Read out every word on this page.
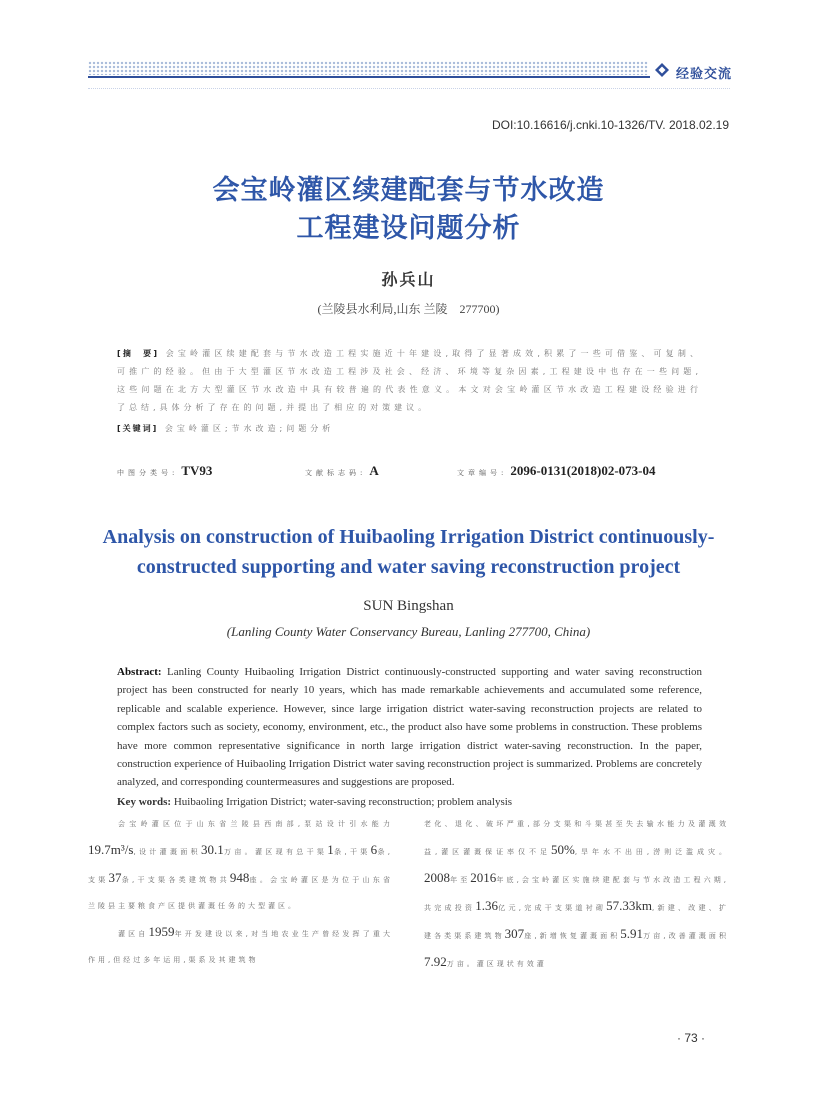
经验交流
DOI:10.16616/j.cnki.10-1326/TV. 2018.02.19
会宝岭灌区续建配套与节水改造
工程建设问题分析
孙兵山
(兰陵县水利局,山东 兰陵　277700)
[摘　要] 会宝岭灌区续建配套与节水改造工程实施近十年建设,取得了显著成效,积累了一些可借鉴、可复制、可推广的经验。但由于大型灌区节水改造工程涉及社会、经济、环境等复杂因素,工程建设中也存在一些问题,这些问题在北方大型灌区节水改造中具有较普遍的代表性意义。本文对会宝岭灌区节水改造工程建设经验进行了总结,具体分析了存在的问题,并提出了相应的对策建议。
[关键词] 会宝岭灌区;节水改造;问题分析
中图分类号: TV93	文献标志码: A	文章编号: 2096-0131(2018)02-073-04
Analysis on construction of Huibaoling Irrigation District continuously-
constructed supporting and water saving reconstruction project
SUN Bingshan
(Lanling County Water Conservancy Bureau, Lanling 277700, China)
Abstract: Lanling County Huibaoling Irrigation District continuously-constructed supporting and water saving reconstruction project has been constructed for nearly 10 years, which has made remarkable achievements and accumulated some reference, replicable and scalable experience. However, since large irrigation district water-saving reconstruction projects are related to complex factors such as society, economy, environment, etc., the product also have some problems in construction. These problems have more common representative significance in north large irrigation district water-saving reconstruction. In the paper, construction experience of Huibaoling Irrigation District water saving reconstruction project is summarized. Problems are concretely analyzed, and corresponding countermeasures and suggestions are proposed.
Key words: Huibaoling Irrigation District; water-saving reconstruction; problem analysis

会宝岭灌区位于山东省兰陵县西南部,泵站设计引水能力19.7m³/s,设计灌溉面积30.1万亩。灌区现有总干渠1条,干渠6条,支渠37条,干支渠各类建筑物共948座。会宝岭灌区是为位于山东省兰陵县主要粮食产区提供灌溉任务的大型灌区。

灌区自1959年开发建设以来,对当地农业生产曾经发挥了重大作用,但经过多年运用,渠系及其建筑物

老化、退化、破坏严重,部分支渠和斗渠甚至失去输水能力及灌溉效益,灌区灌溉保证率仅不足50%,旱年水不出田,涝则泛滥成灾。2008年至2016年底,会宝岭灌区实施续建配套与节水改造工程六期,共完成投资1.36亿元,完成干支渠道衬砌57.33km,新建、改建、扩建各类渠系建筑物307座,新增恢复灌溉面积5.91万亩,改善灌溉面积7.92万亩。灌区现状有效灌

· 73 ·
